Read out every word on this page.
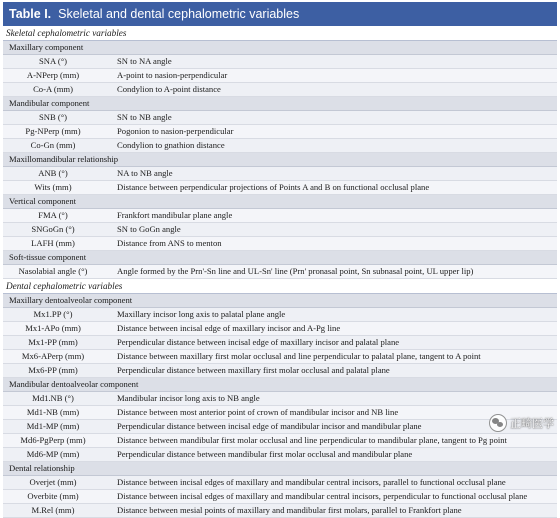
Table I. Skeletal and dental cephalometric variables
Skeletal cephalometric variables
Maxillary component
SNA (°)	SN to NA angle
A-NPerp (mm)	A-point to nasion-perpendicular
Co-A (mm)	Condylion to A-point distance
Mandibular component
SNB (°)	SN to NB angle
Pg-NPerp (mm)	Pogonion to nasion-perpendicular
Co-Gn (mm)	Condylion to gnathion distance
Maxillomandibular relationship
ANB (°)	NA to NB angle
Wits (mm)	Distance between perpendicular projections of Points A and B on functional occlusal plane
Vertical component
FMA (°)	Frankfort mandibular plane angle
SNGoGn (°)	SN to GoGn angle
LAFH (mm)	Distance from ANS to menton
Soft-tissue component
Nasolabial angle (°)	Angle formed by the Prn'-Sn line and UL-Sn' line (Prn' pronasal point, Sn subnasal point, UL upper lip)
Dental cephalometric variables
Maxillary dentoalveolar component
Mx1.PP (°)	Maxillary incisor long axis to palatal plane angle
Mx1-APo (mm)	Distance between incisal edge of maxillary incisor and A-Pg line
Mx1-PP (mm)	Perpendicular distance between incisal edge of maxillary incisor and palatal plane
Mx6-APerp (mm)	Distance between maxillary first molar occlusal and line perpendicular to palatal plane, tangent to A point
Mx6-PP (mm)	Perpendicular distance between maxillary first molar occlusal and palatal plane
Mandibular dentoalveolar component
Md1.NB (°)	Mandibular incisor long axis to NB angle
Md1-NB (mm)	Distance between most anterior point of crown of mandibular incisor and NB line
Md1-MP (mm)	Perpendicular distance between incisal edge of mandibular incisor and mandibular plane
Md6-PgPerp (mm)	Distance between mandibular first molar occlusal and line perpendicular to mandibular plane, tangent to Pg point
Md6-MP (mm)	Perpendicular distance between mandibular first molar occlusal and mandibular plane
Dental relationship
Overjet (mm)	Distance between incisal edges of maxillary and mandibular central incisors, parallel to functional occlusal plane
Overbite (mm)	Distance between incisal edges of maxillary and mandibular central incisors, perpendicular to functional occlusal plane
M.Rel (mm)	Distance between mesial points of maxillary and mandibular first molars, parallel to Frankfort plane
正畸医学
